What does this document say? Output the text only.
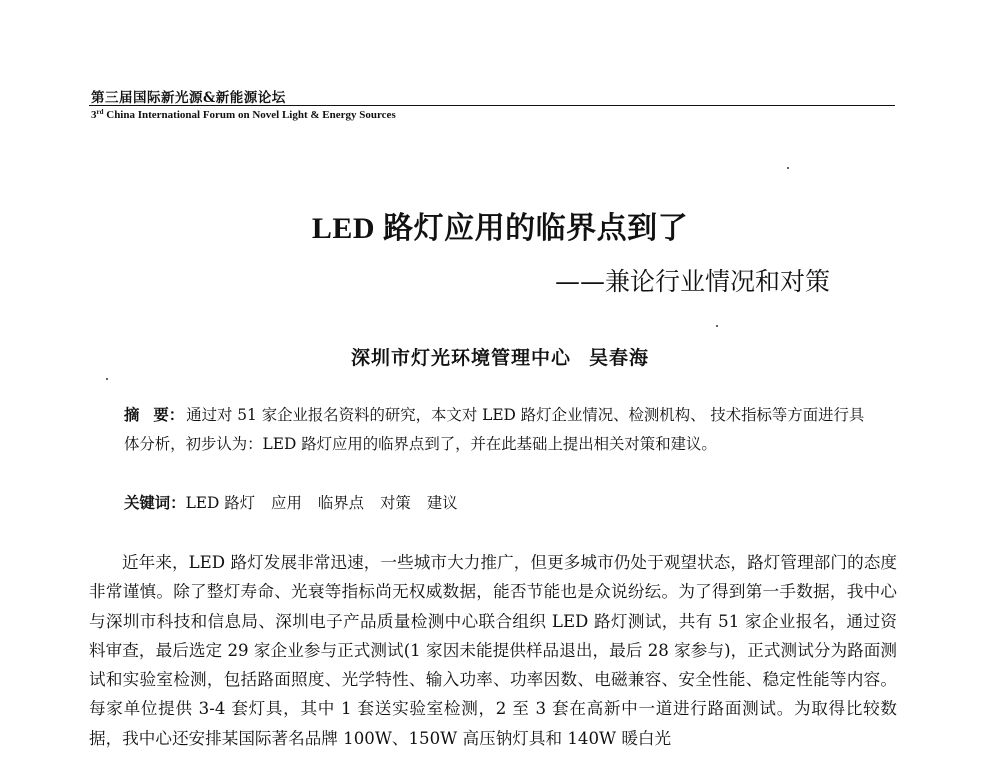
第三届国际新光源&新能源论坛
3rd China International Forum on Novel Light & Energy Sources
LED 路灯应用的临界点到了
——兼论行业情况和对策
深圳市灯光环境管理中心 吴春海
摘 要： 通过对 51 家企业报名资料的研究，本文对 LED 路灯企业情况、检测机构、 技术指标等方面进行具体分析，初步认为：LED 路灯应用的临界点到了，并在此基础上提出相关对策和建议。
关键词：LED 路灯 应用 临界点 对策 建议
近年来，LED 路灯发展非常迅速，一些城市大力推广，但更多城市仍处于观望状态，路灯管理部门的态度非常谨慎。除了整灯寿命、光衰等指标尚无权威数据，能否节能也是众说纷纭。为了得到第一手数据，我中心与深圳市科技和信息局、深圳电子产品质量检测中心联合组织 LED 路灯测试，共有 51 家企业报名，通过资料审查，最后选定 29 家企业参与正式测试(1 家因未能提供样品退出，最后 28 家参与)，正式测试分为路面测试和实验室检测，包括路面照度、光学特性、输入功率、功率因数、电磁兼容、安全性能、稳定性能等内容。每家单位提供 3-4 套灯具，其中 1 套送实验室检测，2 至 3 套在高新中一道进行路面测试。为取得比较数据，我中心还安排某国际著名品牌 100W、150W 高压钠灯具和 140W 暖白光
